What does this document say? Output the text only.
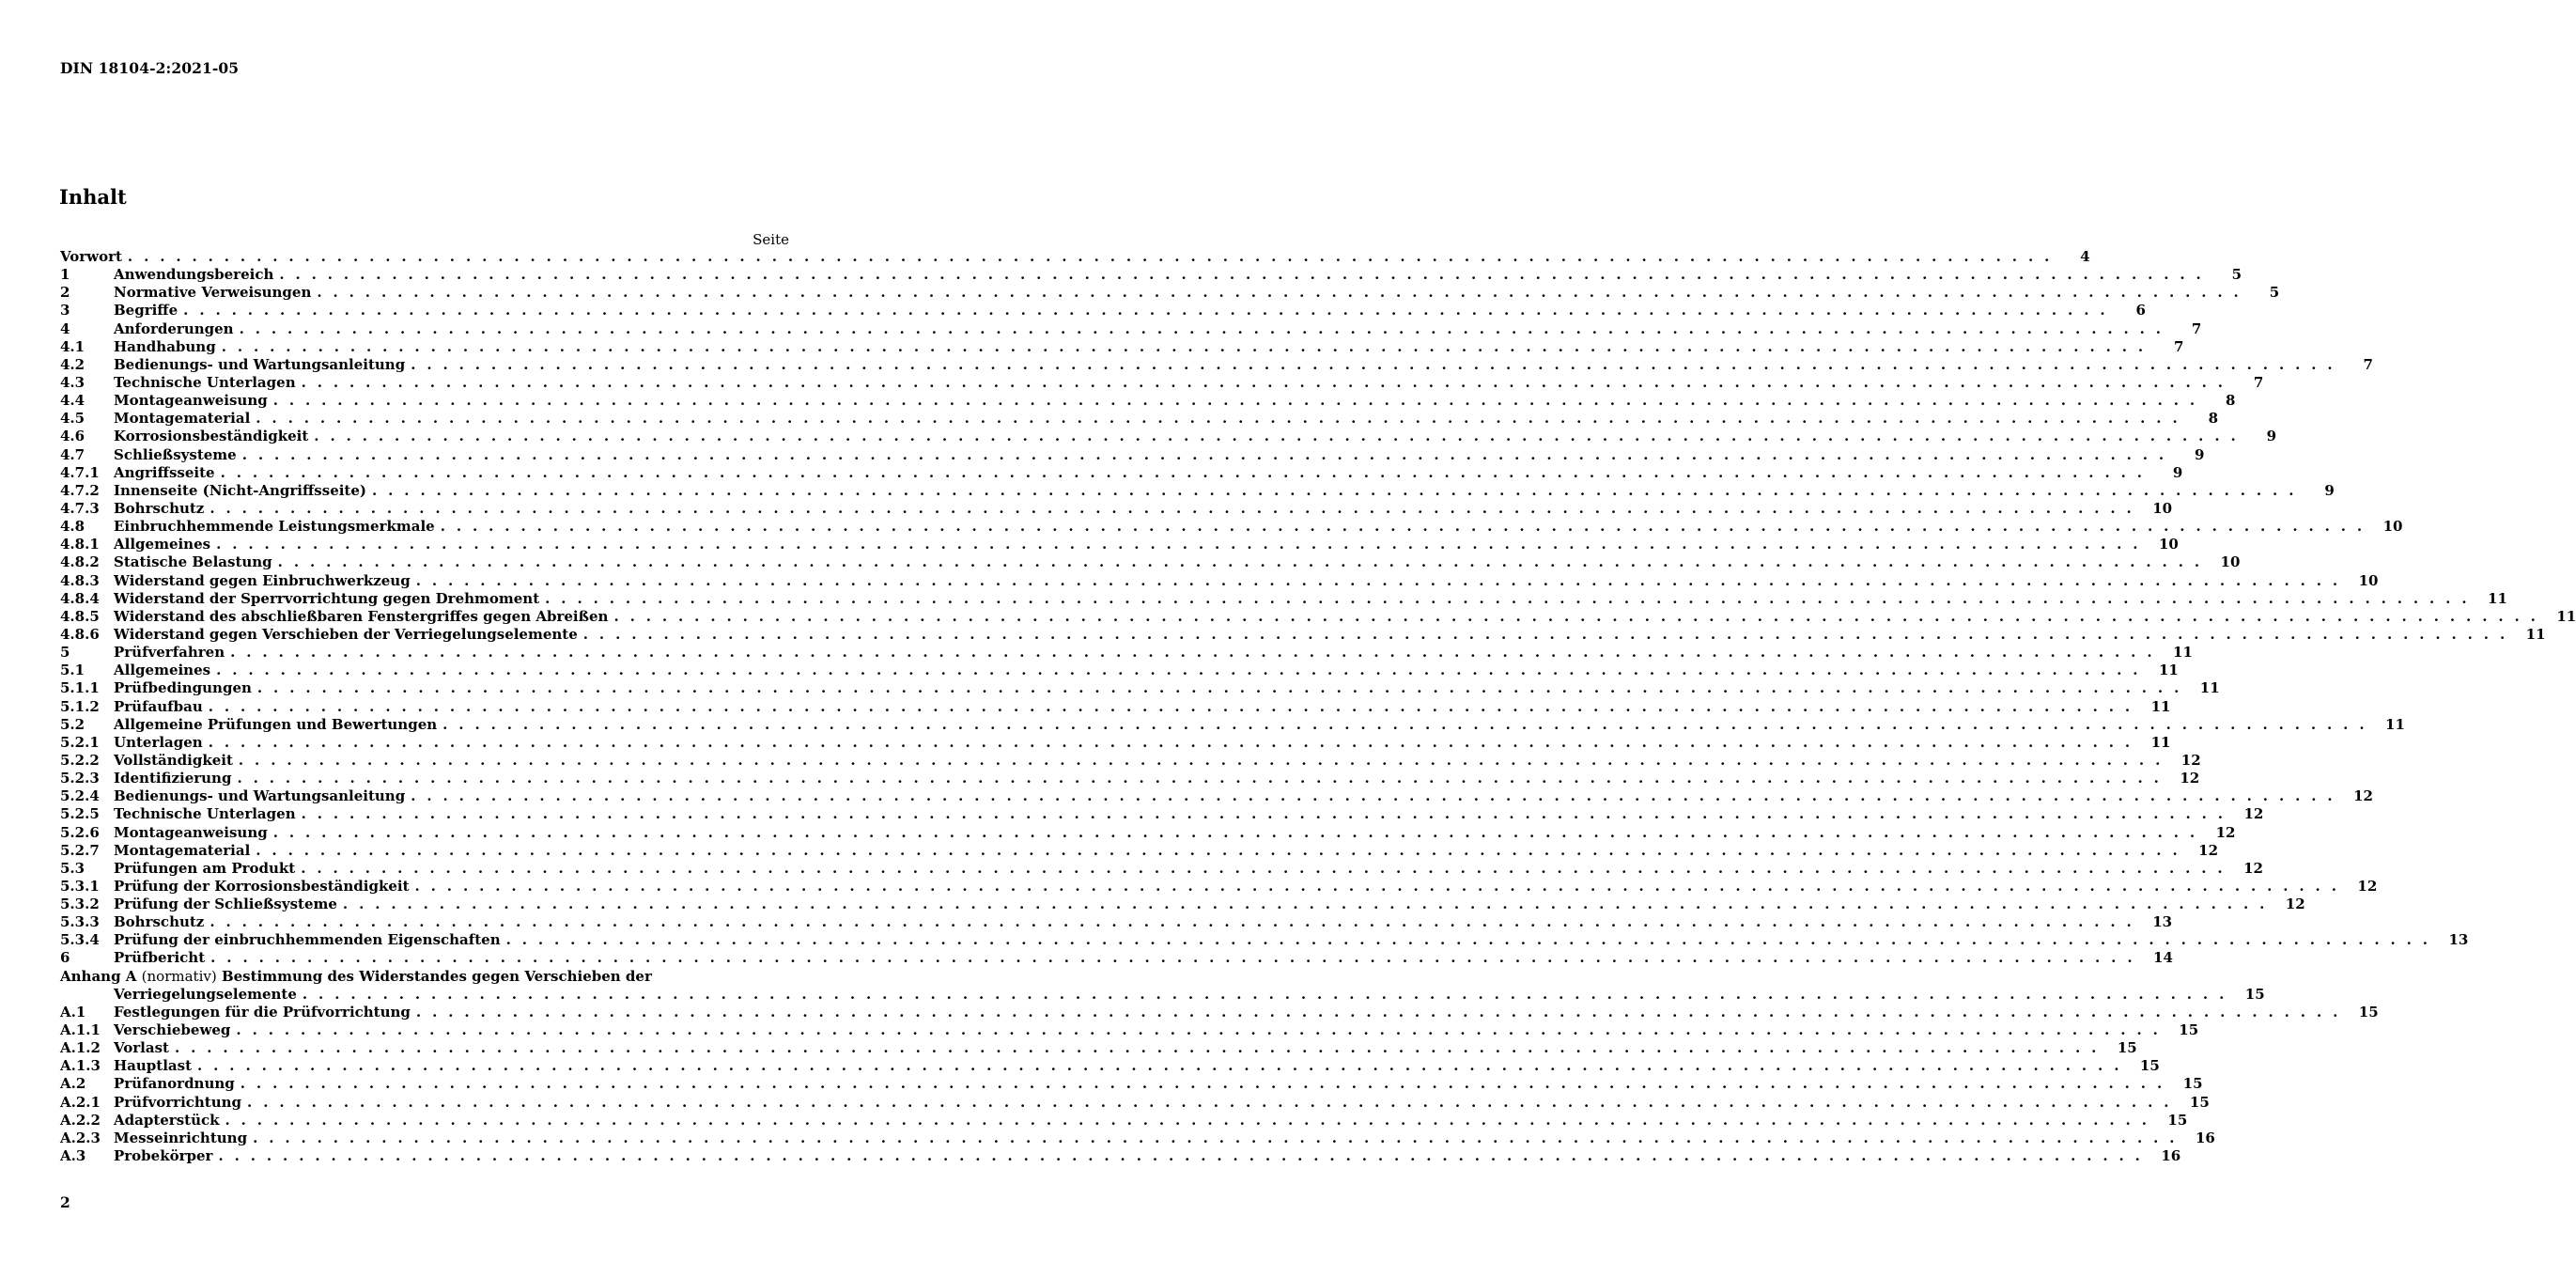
DIN 18104-2:2021-05
Inhalt
Seite
Vorwort . . . . . . . . . . . . . . . . . . . . . . . . . . . . . . . . . . . . . . . . . . . . . . . . . . . . . . . . . . . . . . . . . . . . . . . . . . . . . . . . . . . . . . . . . . . . . . . . . . . . . . . . . . . . . . . . . . . . . . . .	4
1	Anwendungsbereich . . . . . . . . . . . . . . . . . . . . . . . . . . . . . . . . . . . . . . . . . . . . . . . . . . . . . . . . . . . . . . . . . . . . . . . . . . . . . . . . . . . . . . . . . . . . . . . . . . . . . . . . . . . . . . . . . . . . . . . .	5
2	Normative Verweisungen . . . . . . . . . . . . . . . . . . . . . . . . . . . . . . . . . . . . . . . . . . . . . . . . . . . . . . . . . . . . . . . . . . . . . . . . . . . . . . . . . . . . . . . . . . . . . . . . . . . . . . . . . . . . . . . . . . . . . . . .	5
3	Begriffe . . . . . . . . . . . . . . . . . . . . . . . . . . . . . . . . . . . . . . . . . . . . . . . . . . . . . . . . . . . . . . . . . . . . . . . . . . . . . . . . . . . . . . . . . . . . . . . . . . . . . . . . . . . . . . . . . . . . . . . .	6
4	Anforderungen . . . . . . . . . . . . . . . . . . . . . . . . . . . . . . . . . . . . . . . . . . . . . . . . . . . . . . . . . . . . . . . . . . . . . . . . . . . . . . . . . . . . . . . . . . . . . . . . . . . . . . . . . . . . . . . . . . . . . . . .	7
4.1	Handhabung . . . . . . . . . . . . . . . . . . . . . . . . . . . . . . . . . . . . . . . . . . . . . . . . . . . . . . . . . . . . . . . . . . . . . . . . . . . . . . . . . . . . . . . . . . . . . . . . . . . . . . . . . . . . . . . . . . . . . . . .	7
4.2	Bedienungs- und Wartungsanleitung . . . . . . . . . . . . . . . . . . . . . . . . . . . . . . . . . . . . . . . . . . . . . . . . . . . . . . . . . . . . . . . . . . . . . . . . . . . . . . . . . . . . . . . . . . . . . . . . . . . . . . . . . . . . . . . . . . . . . . . .	7
4.3	Technische Unterlagen . . . . . . . . . . . . . . . . . . . . . . . . . . . . . . . . . . . . . . . . . . . . . . . . . . . . . . . . . . . . . . . . . . . . . . . . . . . . . . . . . . . . . . . . . . . . . . . . . . . . . . . . . . . . . . . . . . . . . . . .	7
4.4	Montageanweisung . . . . . . . . . . . . . . . . . . . . . . . . . . . . . . . . . . . . . . . . . . . . . . . . . . . . . . . . . . . . . . . . . . . . . . . . . . . . . . . . . . . . . . . . . . . . . . . . . . . . . . . . . . . . . . . . . . . . . . . .	8
4.5	Montagematerial . . . . . . . . . . . . . . . . . . . . . . . . . . . . . . . . . . . . . . . . . . . . . . . . . . . . . . . . . . . . . . . . . . . . . . . . . . . . . . . . . . . . . . . . . . . . . . . . . . . . . . . . . . . . . . . . . . . . . . . .	8
4.6	Korrosionsbeständigkeit . . . . . . . . . . . . . . . . . . . . . . . . . . . . . . . . . . . . . . . . . . . . . . . . . . . . . . . . . . . . . . . . . . . . . . . . . . . . . . . . . . . . . . . . . . . . . . . . . . . . . . . . . . . . . . . . . . . . . . . .	9
4.7	Schließsysteme . . . . . . . . . . . . . . . . . . . . . . . . . . . . . . . . . . . . . . . . . . . . . . . . . . . . . . . . . . . . . . . . . . . . . . . . . . . . . . . . . . . . . . . . . . . . . . . . . . . . . . . . . . . . . . . . . . . . . . . .	9
4.7.1	Angriffsseite . . . . . . . . . . . . . . . . . . . . . . . . . . . . . . . . . . . . . . . . . . . . . . . . . . . . . . . . . . . . . . . . . . . . . . . . . . . . . . . . . . . . . . . . . . . . . . . . . . . . . . . . . . . . . . . . . . . . . . . .	9
4.7.2	Innenseite (Nicht-Angriffsseite) . . . . . . . . . . . . . . . . . . . . . . . . . . . . . . . . . . . . . . . . . . . . . . . . . . . . . . . . . . . . . . . . . . . . . . . . . . . . . . . . . . . . . . . . . . . . . . . . . . . . . . . . . . . . . . . . . . . . . . . .	9
4.7.3	Bohrschutz . . . . . . . . . . . . . . . . . . . . . . . . . . . . . . . . . . . . . . . . . . . . . . . . . . . . . . . . . . . . . . . . . . . . . . . . . . . . . . . . . . . . . . . . . . . . . . . . . . . . . . . . . . . . . . . . . . . . . . . .	10
4.8	Einbruchhemmende Leistungsmerkmale . . . . . . . . . . . . . . . . . . . . . . . . . . . . . . . . . . . . . . . . . . . . . . . . . . . . . . . . . . . . . . . . . . . . . . . . . . . . . . . . . . . . . . . . . . . . . . . . . . . . . . . . . . . . . . . . . . . . . . . .	10
4.8.1	Allgemeines . . . . . . . . . . . . . . . . . . . . . . . . . . . . . . . . . . . . . . . . . . . . . . . . . . . . . . . . . . . . . . . . . . . . . . . . . . . . . . . . . . . . . . . . . . . . . . . . . . . . . . . . . . . . . . . . . . . . . . . .	10
4.8.2	Statische Belastung . . . . . . . . . . . . . . . . . . . . . . . . . . . . . . . . . . . . . . . . . . . . . . . . . . . . . . . . . . . . . . . . . . . . . . . . . . . . . . . . . . . . . . . . . . . . . . . . . . . . . . . . . . . . . . . . . . . . . . . .	10
4.8.3	Widerstand gegen Einbruchwerkzeug . . . . . . . . . . . . . . . . . . . . . . . . . . . . . . . . . . . . . . . . . . . . . . . . . . . . . . . . . . . . . . . . . . . . . . . . . . . . . . . . . . . . . . . . . . . . . . . . . . . . . . . . . . . . . . . . . . . . . . . .	10
4.8.4	Widerstand der Sperrvorrichtung gegen Drehmoment . . . . . . . . . . . . . . . . . . . . . . . . . . . . . . . . . . . . . . . . . . . . . . . . . . . . . . . . . . . . . . . . . . . . . . . . . . . . . . . . . . . . . . . . . . . . . . . . . . . . . . . . . . . . . . . . . . . . . . . .	11
4.8.5	Widerstand des abschließbaren Fenstergriffes gegen Abreißen . . . . . . . . . . . . . . . . . . . . . . . . . . . . . . . . . . . . . . . . . . . . . . . . . . . . . . . . . . . . . . . . . . . . . . . . . . . . . . . . . . . . . . . . . . . . . . . . . . . . . . . . . . . . . . . . . . . . . . . .	11
4.8.6	Widerstand gegen Verschieben der Verriegelungselemente . . . . . . . . . . . . . . . . . . . . . . . . . . . . . . . . . . . . . . . . . . . . . . . . . . . . . . . . . . . . . . . . . . . . . . . . . . . . . . . . . . . . . . . . . . . . . . . . . . . . . . . . . . . . . . . . . . . . . . . .	11
5	Prüfverfahren . . . . . . . . . . . . . . . . . . . . . . . . . . . . . . . . . . . . . . . . . . . . . . . . . . . . . . . . . . . . . . . . . . . . . . . . . . . . . . . . . . . . . . . . . . . . . . . . . . . . . . . . . . . . . . . . . . . . . . . .	11
5.1	Allgemeines . . . . . . . . . . . . . . . . . . . . . . . . . . . . . . . . . . . . . . . . . . . . . . . . . . . . . . . . . . . . . . . . . . . . . . . . . . . . . . . . . . . . . . . . . . . . . . . . . . . . . . . . . . . . . . . . . . . . . . . .	11
5.1.1	Prüfbedingungen . . . . . . . . . . . . . . . . . . . . . . . . . . . . . . . . . . . . . . . . . . . . . . . . . . . . . . . . . . . . . . . . . . . . . . . . . . . . . . . . . . . . . . . . . . . . . . . . . . . . . . . . . . . . . . . . . . . . . . . .	11
5.1.2	Prüfaufbau . . . . . . . . . . . . . . . . . . . . . . . . . . . . . . . . . . . . . . . . . . . . . . . . . . . . . . . . . . . . . . . . . . . . . . . . . . . . . . . . . . . . . . . . . . . . . . . . . . . . . . . . . . . . . . . . . . . . . . . .	11
5.2	Allgemeine Prüfungen und Bewertungen . . . . . . . . . . . . . . . . . . . . . . . . . . . . . . . . . . . . . . . . . . . . . . . . . . . . . . . . . . . . . . . . . . . . . . . . . . . . . . . . . . . . . . . . . . . . . . . . . . . . . . . . . . . . . . . . . . . . . . . .	11
5.2.1	Unterlagen . . . . . . . . . . . . . . . . . . . . . . . . . . . . . . . . . . . . . . . . . . . . . . . . . . . . . . . . . . . . . . . . . . . . . . . . . . . . . . . . . . . . . . . . . . . . . . . . . . . . . . . . . . . . . . . . . . . . . . . .	11
5.2.2	Vollständigkeit . . . . . . . . . . . . . . . . . . . . . . . . . . . . . . . . . . . . . . . . . . . . . . . . . . . . . . . . . . . . . . . . . . . . . . . . . . . . . . . . . . . . . . . . . . . . . . . . . . . . . . . . . . . . . . . . . . . . . . . .	12
5.2.3	Identifizierung . . . . . . . . . . . . . . . . . . . . . . . . . . . . . . . . . . . . . . . . . . . . . . . . . . . . . . . . . . . . . . . . . . . . . . . . . . . . . . . . . . . . . . . . . . . . . . . . . . . . . . . . . . . . . . . . . . . . . . . .	12
5.2.4	Bedienungs- und Wartungsanleitung . . . . . . . . . . . . . . . . . . . . . . . . . . . . . . . . . . . . . . . . . . . . . . . . . . . . . . . . . . . . . . . . . . . . . . . . . . . . . . . . . . . . . . . . . . . . . . . . . . . . . . . . . . . . . . . . . . . . . . . .	12
5.2.5	Technische Unterlagen . . . . . . . . . . . . . . . . . . . . . . . . . . . . . . . . . . . . . . . . . . . . . . . . . . . . . . . . . . . . . . . . . . . . . . . . . . . . . . . . . . . . . . . . . . . . . . . . . . . . . . . . . . . . . . . . . . . . . . . .	12
5.2.6	Montageanweisung . . . . . . . . . . . . . . . . . . . . . . . . . . . . . . . . . . . . . . . . . . . . . . . . . . . . . . . . . . . . . . . . . . . . . . . . . . . . . . . . . . . . . . . . . . . . . . . . . . . . . . . . . . . . . . . . . . . . . . . .	12
5.2.7	Montagematerial . . . . . . . . . . . . . . . . . . . . . . . . . . . . . . . . . . . . . . . . . . . . . . . . . . . . . . . . . . . . . . . . . . . . . . . . . . . . . . . . . . . . . . . . . . . . . . . . . . . . . . . . . . . . . . . . . . . . . . . .	12
5.3	Prüfungen am Produkt . . . . . . . . . . . . . . . . . . . . . . . . . . . . . . . . . . . . . . . . . . . . . . . . . . . . . . . . . . . . . . . . . . . . . . . . . . . . . . . . . . . . . . . . . . . . . . . . . . . . . . . . . . . . . . . . . . . . . . . .	12
5.3.1	Prüfung der Korrosionsbeständigkeit . . . . . . . . . . . . . . . . . . . . . . . . . . . . . . . . . . . . . . . . . . . . . . . . . . . . . . . . . . . . . . . . . . . . . . . . . . . . . . . . . . . . . . . . . . . . . . . . . . . . . . . . . . . . . . . . . . . . . . . .	12
5.3.2	Prüfung der Schließsysteme . . . . . . . . . . . . . . . . . . . . . . . . . . . . . . . . . . . . . . . . . . . . . . . . . . . . . . . . . . . . . . . . . . . . . . . . . . . . . . . . . . . . . . . . . . . . . . . . . . . . . . . . . . . . . . . . . . . . . . . .	12
5.3.3	Bohrschutz . . . . . . . . . . . . . . . . . . . . . . . . . . . . . . . . . . . . . . . . . . . . . . . . . . . . . . . . . . . . . . . . . . . . . . . . . . . . . . . . . . . . . . . . . . . . . . . . . . . . . . . . . . . . . . . . . . . . . . . .	13
5.3.4	Prüfung der einbruchhemmenden Eigenschaften . . . . . . . . . . . . . . . . . . . . . . . . . . . . . . . . . . . . . . . . . . . . . . . . . . . . . . . . . . . . . . . . . . . . . . . . . . . . . . . . . . . . . . . . . . . . . . . . . . . . . . . . . . . . . . . . . . . . . . . .	13
6	Prüfbericht . . . . . . . . . . . . . . . . . . . . . . . . . . . . . . . . . . . . . . . . . . . . . . . . . . . . . . . . . . . . . . . . . . . . . . . . . . . . . . . . . . . . . . . . . . . . . . . . . . . . . . . . . . . . . . . . . . . . . . . .	14
Anhang A
(normativ)
Bestimmung des Widerstandes gegen Verschieben der
Verriegelungselemente . . . . . . . . . . . . . . . . . . . . . . . . . . . . . . . . . . . . . . . . . . . . . . . . . . . . . . . . . . . . . . . . . . . . . . . . . . . . . . . . . . . . . . . . . . . . . . . . . . . . . . . . . . . . . . . . . . . . . . . .	15
A.1	Festlegungen für die Prüfvorrichtung . . . . . . . . . . . . . . . . . . . . . . . . . . . . . . . . . . . . . . . . . . . . . . . . . . . . . . . . . . . . . . . . . . . . . . . . . . . . . . . . . . . . . . . . . . . . . . . . . . . . . . . . . . . . . . . . . . . . . . . .	15
A.1.1 Verschiebeweg . . . . . . . . . . . . . . . . . . . . . . . . . . . . . . . . . . . . . . . . . . . . . . . . . . . . . . . . . . . . . . . . . . . . . . . . . . . . . . . . . . . . . . . . . . . . . . . . . . . . . . . . . . . . . . . . . . . . . . . .	15
A.1.2 Vorlast . . . . . . . . . . . . . . . . . . . . . . . . . . . . . . . . . . . . . . . . . . . . . . . . . . . . . . . . . . . . . . . . . . . . . . . . . . . . . . . . . . . . . . . . . . . . . . . . . . . . . . . . . . . . . . . . . . . . . . . .	15
A.1.3 Hauptlast . . . . . . . . . . . . . . . . . . . . . . . . . . . . . . . . . . . . . . . . . . . . . . . . . . . . . . . . . . . . . . . . . . . . . . . . . . . . . . . . . . . . . . . . . . . . . . . . . . . . . . . . . . . . . . . . . . . . . . . .	15
A.2	Prüfanordnung . . . . . . . . . . . . . . . . . . . . . . . . . . . . . . . . . . . . . . . . . . . . . . . . . . . . . . . . . . . . . . . . . . . . . . . . . . . . . . . . . . . . . . . . . . . . . . . . . . . . . . . . . . . . . . . . . . . . . . . .	15
A.2.1 Prüfvorrichtung . . . . . . . . . . . . . . . . . . . . . . . . . . . . . . . . . . . . . . . . . . . . . . . . . . . . . . . . . . . . . . . . . . . . . . . . . . . . . . . . . . . . . . . . . . . . . . . . . . . . . . . . . . . . . . . . . . . . . . . .	15
A.2.2 Adapterstück . . . . . . . . . . . . . . . . . . . . . . . . . . . . . . . . . . . . . . . . . . . . . . . . . . . . . . . . . . . . . . . . . . . . . . . . . . . . . . . . . . . . . . . . . . . . . . . . . . . . . . . . . . . . . . . . . . . . . . . .	15
A.2.3 Messeinrichtung . . . . . . . . . . . . . . . . . . . . . . . . . . . . . . . . . . . . . . . . . . . . . . . . . . . . . . . . . . . . . . . . . . . . . . . . . . . . . . . . . . . . . . . . . . . . . . . . . . . . . . . . . . . . . . . . . . . . . . . .	16
A.3	Probekörper . . . . . . . . . . . . . . . . . . . . . . . . . . . . . . . . . . . . . . . . . . . . . . . . . . . . . . . . . . . . . . . . . . . . . . . . . . . . . . . . . . . . . . . . . . . . . . . . . . . . . . . . . . . . . . . . . . . . . . . .	16
2
